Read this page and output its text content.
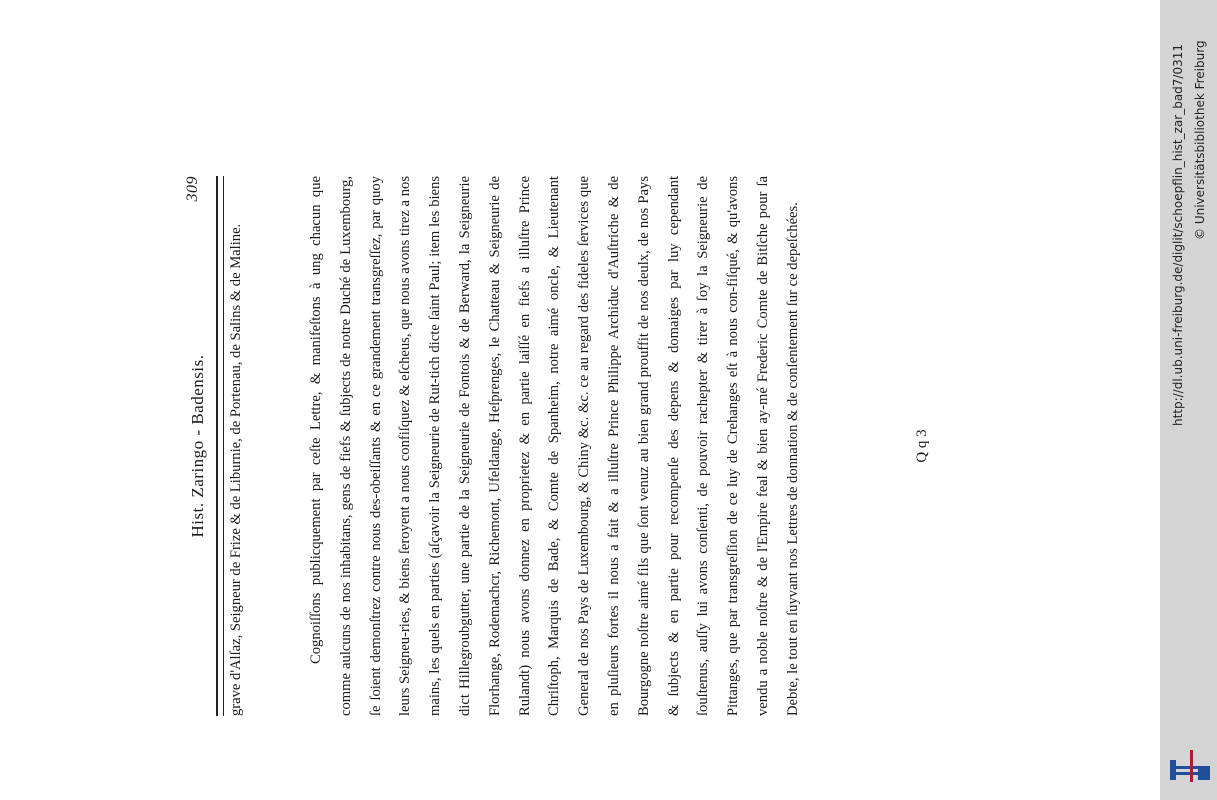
Hist. Zaringo - Badensis.
309

grave d'Alſaz, Seigneur de Frize & de Liburnie, de Portenau, de Salins & de Maline.	Cognoiſſons publicquement par ceſte Lettre, & manifeſtons à ung chacun que comme aulcuns de nos inhabitans, gens de fiefs & ſubjects de notre Duché de Luxembourg, ſe ſoient demonſtrez contre nous des-obeiſſants & en ce grandement transgreſſez, par quoy leurs Seigneu-ries, & biens ſeroyent a nous confiſquez & eſcheus, que nous avons tirez a nos mains, les quels en parties (aſçavoir la Seigneurie de Rut-tich dicte ſaint Paul; item les biens dict Hillegroubgutter, une partie de la Seigneurie de Fontois & de Berward, la Seigneurie Florhange, Rodemachcr, Richemont, Ufeldange, Heſprenges, le Chatteau & Seigneurie de Rulandt) nous avons donnez en proprietez & en partie laiſſé en fiefs a illuſtre Prince Chriſtoph, Marquis de Bade, & Comte de Spanheim, notre aimé oncle, & Lieutenant General de nos Pays de Luxembourg, & Chiny &c. &c. ce au regard des fideles ſervices que en pluſieurs fortes il nous a fait & a illuſtre Prince Philippe Archiduc d'Auſtriche & de Bourgogne noſtre aimé fils que ſont venuz au bien grand prouffit de nos deulx, de nos Pays & ſubjects & en partie pour recompenſe des depens & domaiges par luy cependant ſouſtenus, auſſy lui avons conſenti, de pouvoir rachepter & tirer à ſoy la Seigneurie de Pittanges, que par transgreſſion de ce luy de Crehanges eſt à nous con-fiſqué, & qu'avons vendu a noble noſtre & de l'Empire feal & bien ay-mé Frederic Comte de Bitſche pour ſa Debte, le tout en ſuyvant nos Lettres de donnation & de conſentement ſur ce depeſchées.	Q q 3
http://dl.ub.uni-freiburg.de/diglit/schoepflin_hist_zar_bad7/0311 © Universitätsbibliothek Freiburg
